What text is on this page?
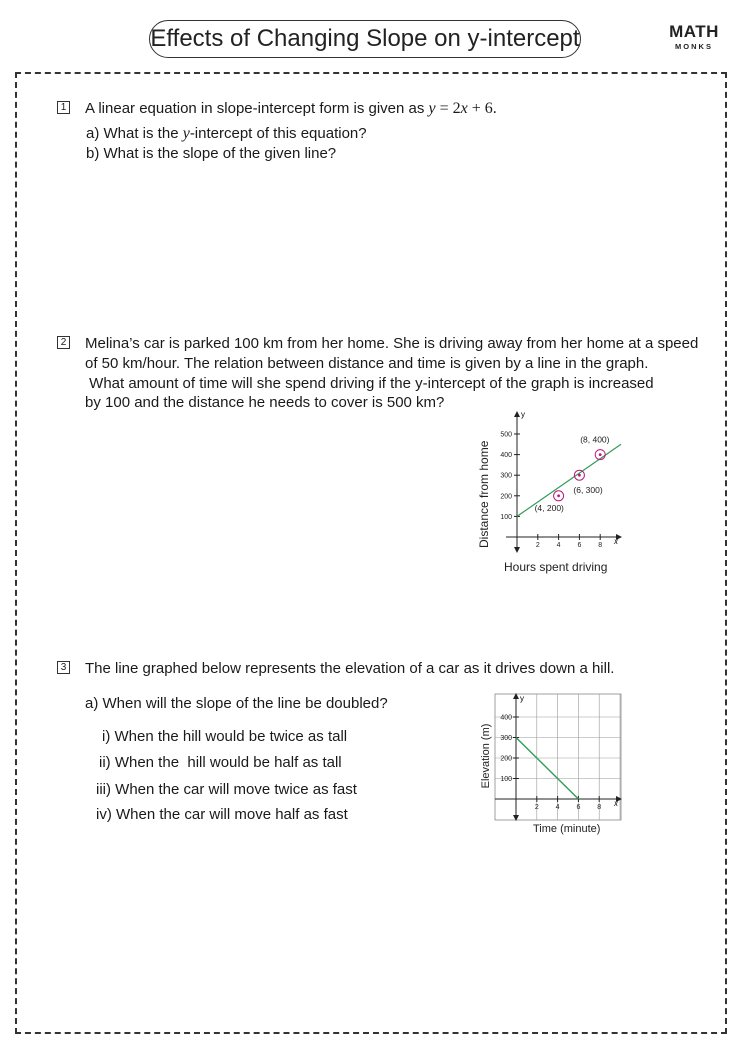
Effects of Changing Slope on y-intercept	MATH
MONKS
1 A linear equation in slope-intercept form is given as y = 2x + 6.
a) What is the y-intercept of this equation?
b) What is the slope of the given line?
2 Melina’s car is parked 100 km from her home. She is driving away from her home at a speed
of 50 km/hour. The relation between distance and time is given by a line in the graph.
What amount of time will she spend driving if the y-intercept of the graph is increased
by 100 and the distance he needs to cover is 500 km?
y
x
100
200
300
400
500
2 4 6 8
(4, 200)
(6, 300)
(8, 400)
Distance from home
Hours spent driving
3 The line graphed below represents the elevation of a car as it drives down a hill.
a) When will the slope of the line be doubled?
i) When the hill would be twice as tall
ii) When the  hill would be half as tall
iii) When the car will move twice as fast
iv) When the car will move half as fast
y
x
100
200
300
400
2 4 6 8
Elevation (m)
Time (minute)
